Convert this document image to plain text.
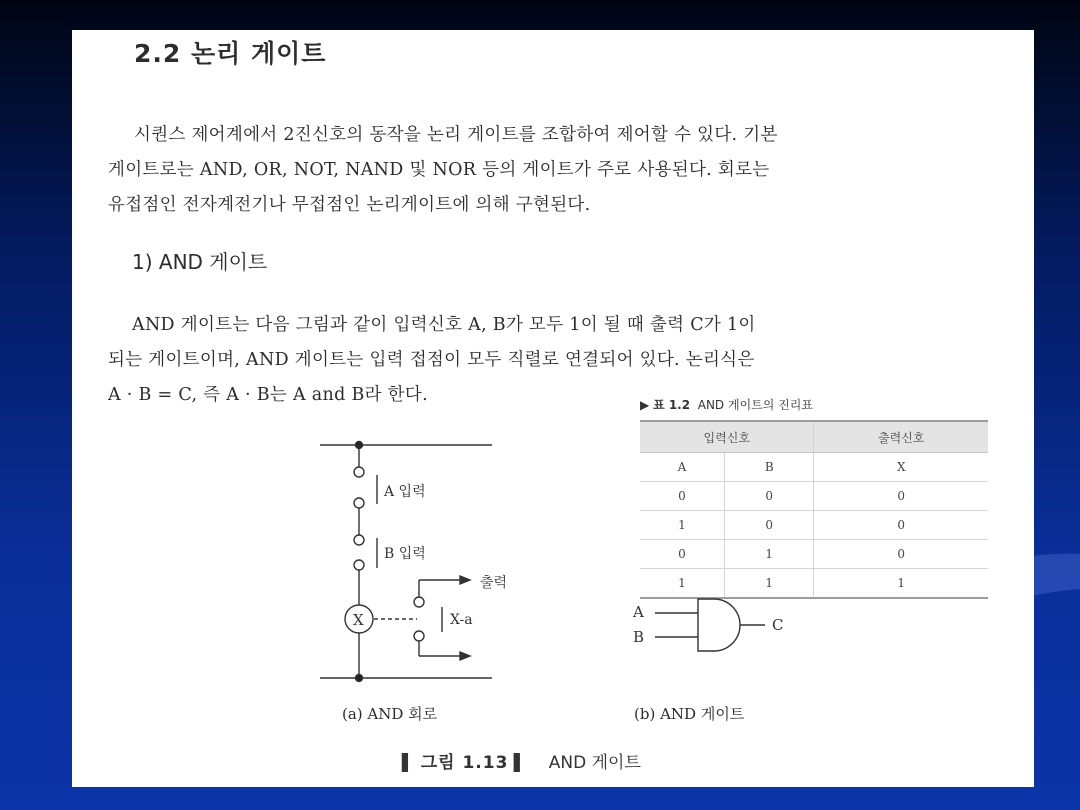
2.2 논리 게이트
시퀀스 제어계에서 2진신호의 동작을 논리 게이트를 조합하여 제어할 수 있다. 기본
게이트로는 AND, OR, NOT, NAND 및 NOR 등의 게이트가 주로 사용된다. 회로는
유접점인 전자계전기나 무접점인 논리게이트에 의해 구현된다.
1) AND 게이트
AND 게이트는 다음 그림과 같이 입력신호 A, B가 모두 1이 될 때 출력 C가 1이
되는 게이트이며, AND 게이트는 입력 접점이 모두 직렬로 연결되어 있다. 논리식은
A · B = C, 즉 A · B는 A and B라 한다.	▶ 표 1.2 AND 게이트의 진리표
입력신호		출력신호
A	B	X
0	0	0
1	0	0
0	1	0
1	1	1
A 입력
B 입력
X	X-a
출력
A
B
C
(a) AND 회로	(b) AND 게이트
▌ 그림 1.13 ▌ AND 게이트
